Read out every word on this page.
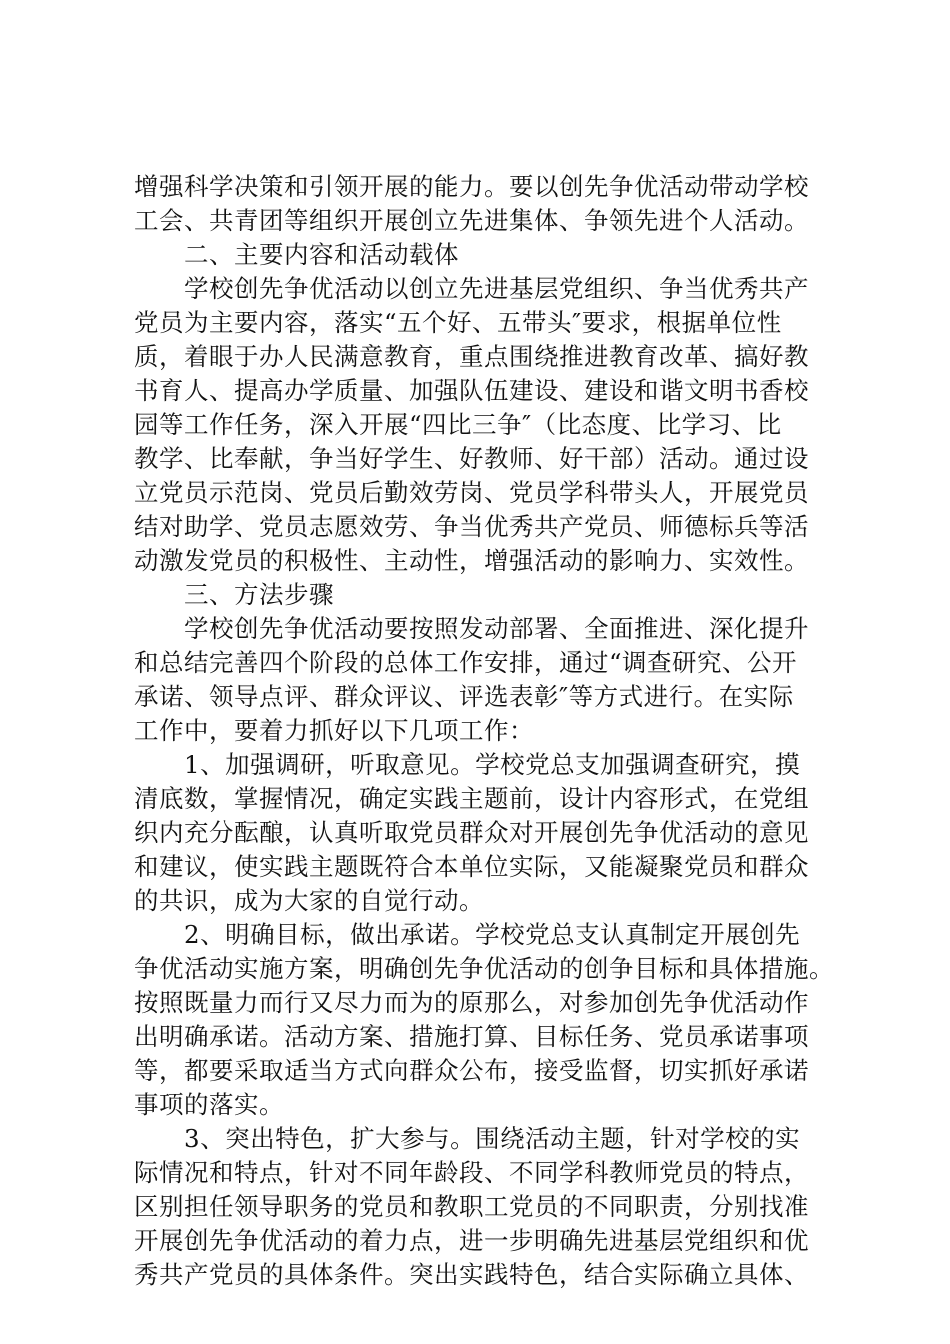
增强科学决策和引领开展的能力。要以创先争优活动带动学校
工会、共青团等组织开展创立先进集体、争领先进个人活动。
二、主要内容和活动载体
学校创先争优活动以创立先进基层党组织、争当优秀共产
党员为主要内容，落实“五个好、五带头″要求，根据单位性
质，着眼于办人民满意教育，重点围绕推进教育改革、搞好教
书育人、提高办学质量、加强队伍建设、建设和谐文明书香校
园等工作任务，深入开展“四比三争″（比态度、比学习、比
教学、比奉献，争当好学生、好教师、好干部）活动。通过设
立党员示范岗、党员后勤效劳岗、党员学科带头人，开展党员
结对助学、党员志愿效劳、争当优秀共产党员、师德标兵等活
动激发党员的积极性、主动性，增强活动的影响力、实效性。
三、方法步骤
学校创先争优活动要按照发动部署、全面推进、深化提升
和总结完善四个阶段的总体工作安排，通过“调查研究、公开
承诺、领导点评、群众评议、评选表彰″等方式进行。在实际
工作中，要着力抓好以下几项工作：
1、加强调研，听取意见。学校党总支加强调查研究，摸
清底数，掌握情况，确定实践主题前，设计内容形式，在党组
织内充分酝酿，认真听取党员群众对开展创先争优活动的意见
和建议，使实践主题既符合本单位实际，又能凝聚党员和群众
的共识，成为大家的自觉行动。
2、明确目标，做出承诺。学校党总支认真制定开展创先
争优活动实施方案，明确创先争优活动的创争目标和具体措施。
按照既量力而行又尽力而为的原那么，对参加创先争优活动作
出明确承诺。活动方案、措施打算、目标任务、党员承诺事项
等，都要采取适当方式向群众公布，接受监督，切实抓好承诺
事项的落实。
3、突出特色，扩大参与。围绕活动主题，针对学校的实
际情况和特点，针对不同年龄段、不同学科教师党员的特点，
区别担任领导职务的党员和教职工党员的不同职责，分别找准
开展创先争优活动的着力点，进一步明确先进基层党组织和优
秀共产党员的具体条件。突出实践特色，结合实际确立具体、
